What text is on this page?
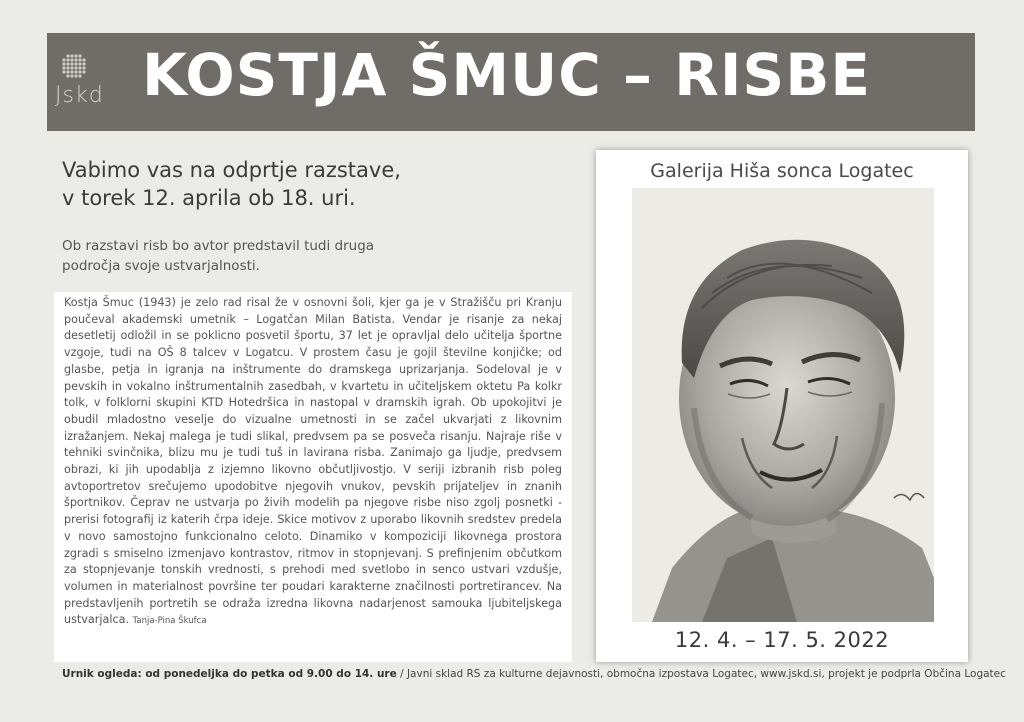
Jskd KOSTJA ŠMUC – RISBE
Vabimo vas na odprtje razstave,
v torek 12. aprila ob 18. uri.
Ob razstavi risb bo avtor predstavil tudi druga
področja svoje ustvarjalnosti.
Kostja Šmuc (1943) je zelo rad risal že v osnovni šoli, kjer ga je v Stražišču pri Kranju poučeval akademski umetnik – Logatčan Milan Batista. Vendar je risanje za nekaj desetletij odložil in se poklicno posvetil športu, 37 let je opravljal delo učitelja športne vzgoje, tudi na OŠ 8 talcev v Logatcu. V prostem času je gojil številne konjičke; od glasbe, petja in igranja na inštrumente do dramskega uprizarjanja. Sodeloval je v pevskih in vokalno inštrumentalnih zasedbah, v kvartetu in učiteljskem oktetu Pa kolkr tolk, v folklorni skupini KTD Hotedršica in nastopal v dramskih igrah. Ob upokojitvi je obudil mladostno veselje do vizualne umetnosti in se začel ukvarjati z likovnim izražanjem. Nekaj malega je tudi slikal, predvsem pa se posveča risanju. Najraje riše v tehniki svinčnika, blizu mu je tudi tuš in lavirana risba. Zanimajo ga ljudje, predvsem obrazi, ki jih upodablja z izjemno likovno občutljivostjo. V seriji izbranih risb poleg avtoportretov srečujemo upodobitve njegovih vnukov, pevskih prijateljev in znanih športnikov. Čeprav ne ustvarja po živih modelih pa njegove risbe niso zgolj posnetki - prerisi fotografij iz katerih črpa ideje. Skice motivov z uporabo likovnih sredstev predela v novo samostojno funkcionalno celoto. Dinamiko v kompoziciji likovnega prostora zgradi s smiselno izmenjavo kontrastov, ritmov in stopnjevanj. S prefinjenim občutkom za stopnjevanje tonskih vrednosti, s prehodi med svetlobo in senco ustvari vzdušje, volumen in materialnost površine ter poudari karakterne značilnosti portretirancev. Na predstavljenih portretih se odraža izredna likovna nadarjenost samouka ljubiteljskega ustvarjalca. Tanja-Pina Škufca
Urnik ogleda: od ponedeljka do petka od 9.00 do 14. ure / Javni sklad RS za kulturne dejavnosti, območna izpostava Logatec, www.jskd.si, projekt je podprla Občina Logatec
Galerija Hiša sonca Logatec
12. 4. – 17. 5. 2022
